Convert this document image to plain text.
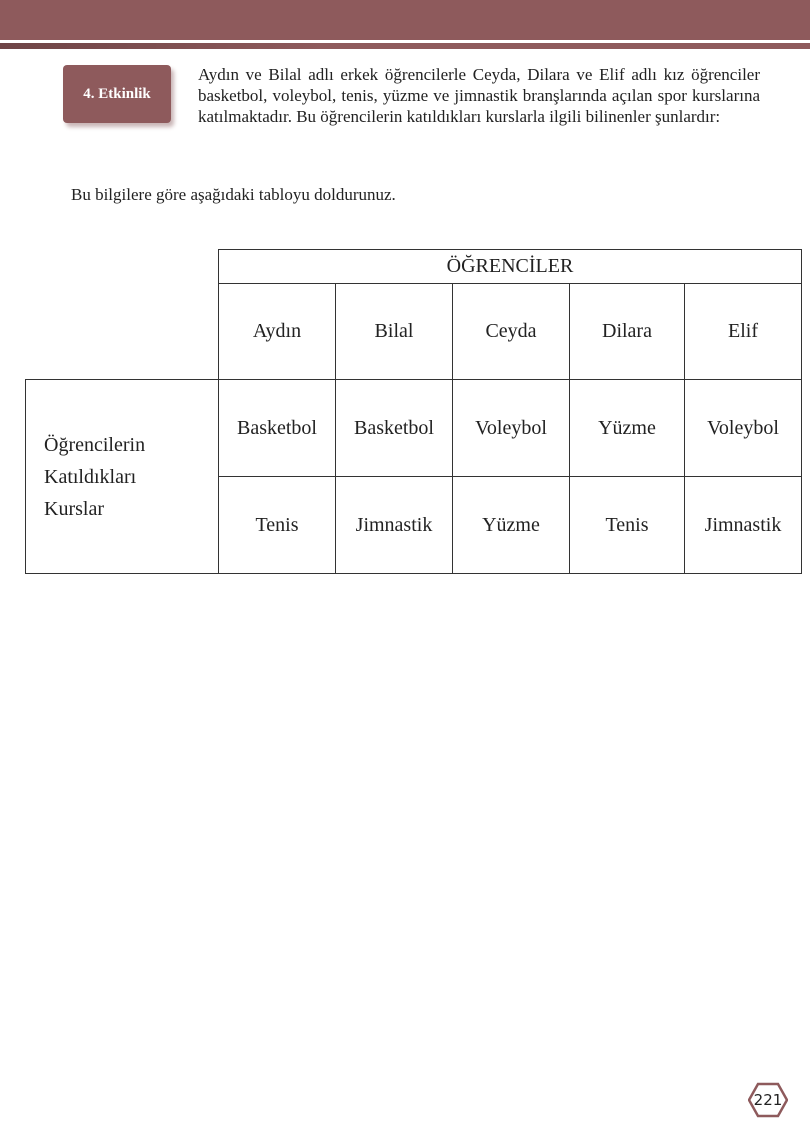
4. Etkinlik
Aydın ve Bilal adlı erkek öğrencilerle Ceyda, Dilara ve Elif adlı kız öğrenciler basketbol, voleybol, tenis, yüzme ve jimnastik branşlarında açılan spor kurslarına katılmaktadır. Bu öğrencilerin katıldıkları kurslarla ilgili bilinenler şunlardır:
Bu bilgilere göre aşağıdaki tabloyu doldurunuz.
ÖĞRENCİLER
Aydın	Bilal	Ceyda	Dilara	Elif
Basketbol	Basketbol	Voleybol	Yüzme	Voleybol
Tenis	Jimnastik	Yüzme	Tenis	Jimnastik
Öğrencilerin
Katıldıkları
Kurslar
221
